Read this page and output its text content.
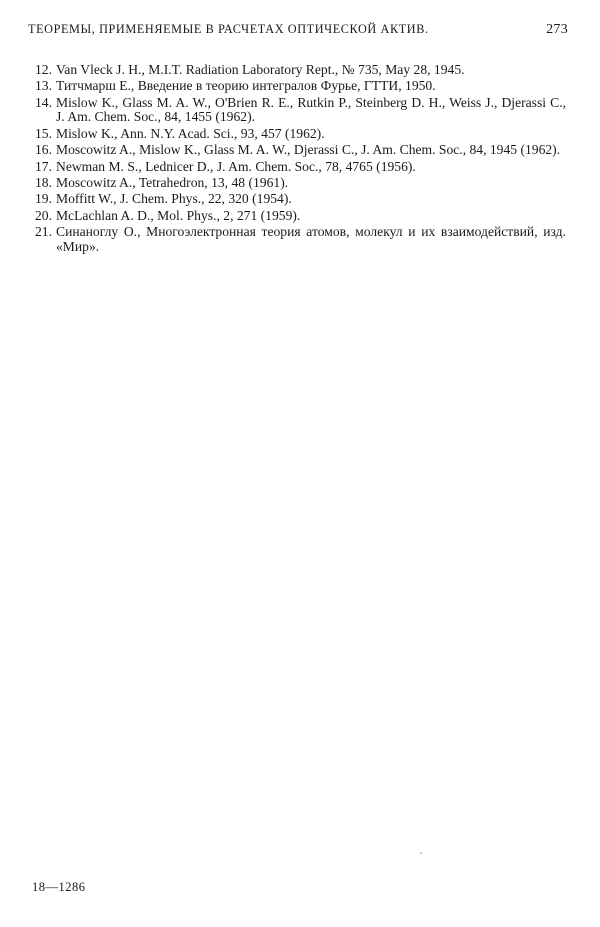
ТЕОРЕМЫ, ПРИМЕНЯЕМЫЕ В РАСЧЕТАХ ОПТИЧЕСКОЙ АКТИВ.	273
12. Van Vleck J. H., M.I.T. Radiation Laboratory Rept., № 735, May 28, 1945.
13. Титчмарш Е., Введение в теорию интегралов Фурье, ГТТИ, 1950.
14. Mislow K., Glass M. A. W., O'Brien R. E., Rutkin P., Steinberg D. H., Weiss J., Djerassi C., J. Am. Chem. Soc., 84, 1455 (1962).
15. Mislow K., Ann. N.Y. Acad. Sci., 93, 457 (1962).
16. Moscowitz A., Mislow K., Glass M. A. W., Djerassi C., J. Am. Chem. Soc., 84, 1945 (1962).
17. Newman M. S., Lednicer D., J. Am. Chem. Soc., 78, 4765 (1956).
18. Moscowitz A., Tetrahedron, 13, 48 (1961).
19. Moffitt W., J. Chem. Phys., 22, 320 (1954).
20. McLachlan A. D., Mol. Phys., 2, 271 (1959).
21. Синаноглу О., Многоэлектронная теория атомов, молекул и их взаимодействий, изд. «Мир».
18—1286
